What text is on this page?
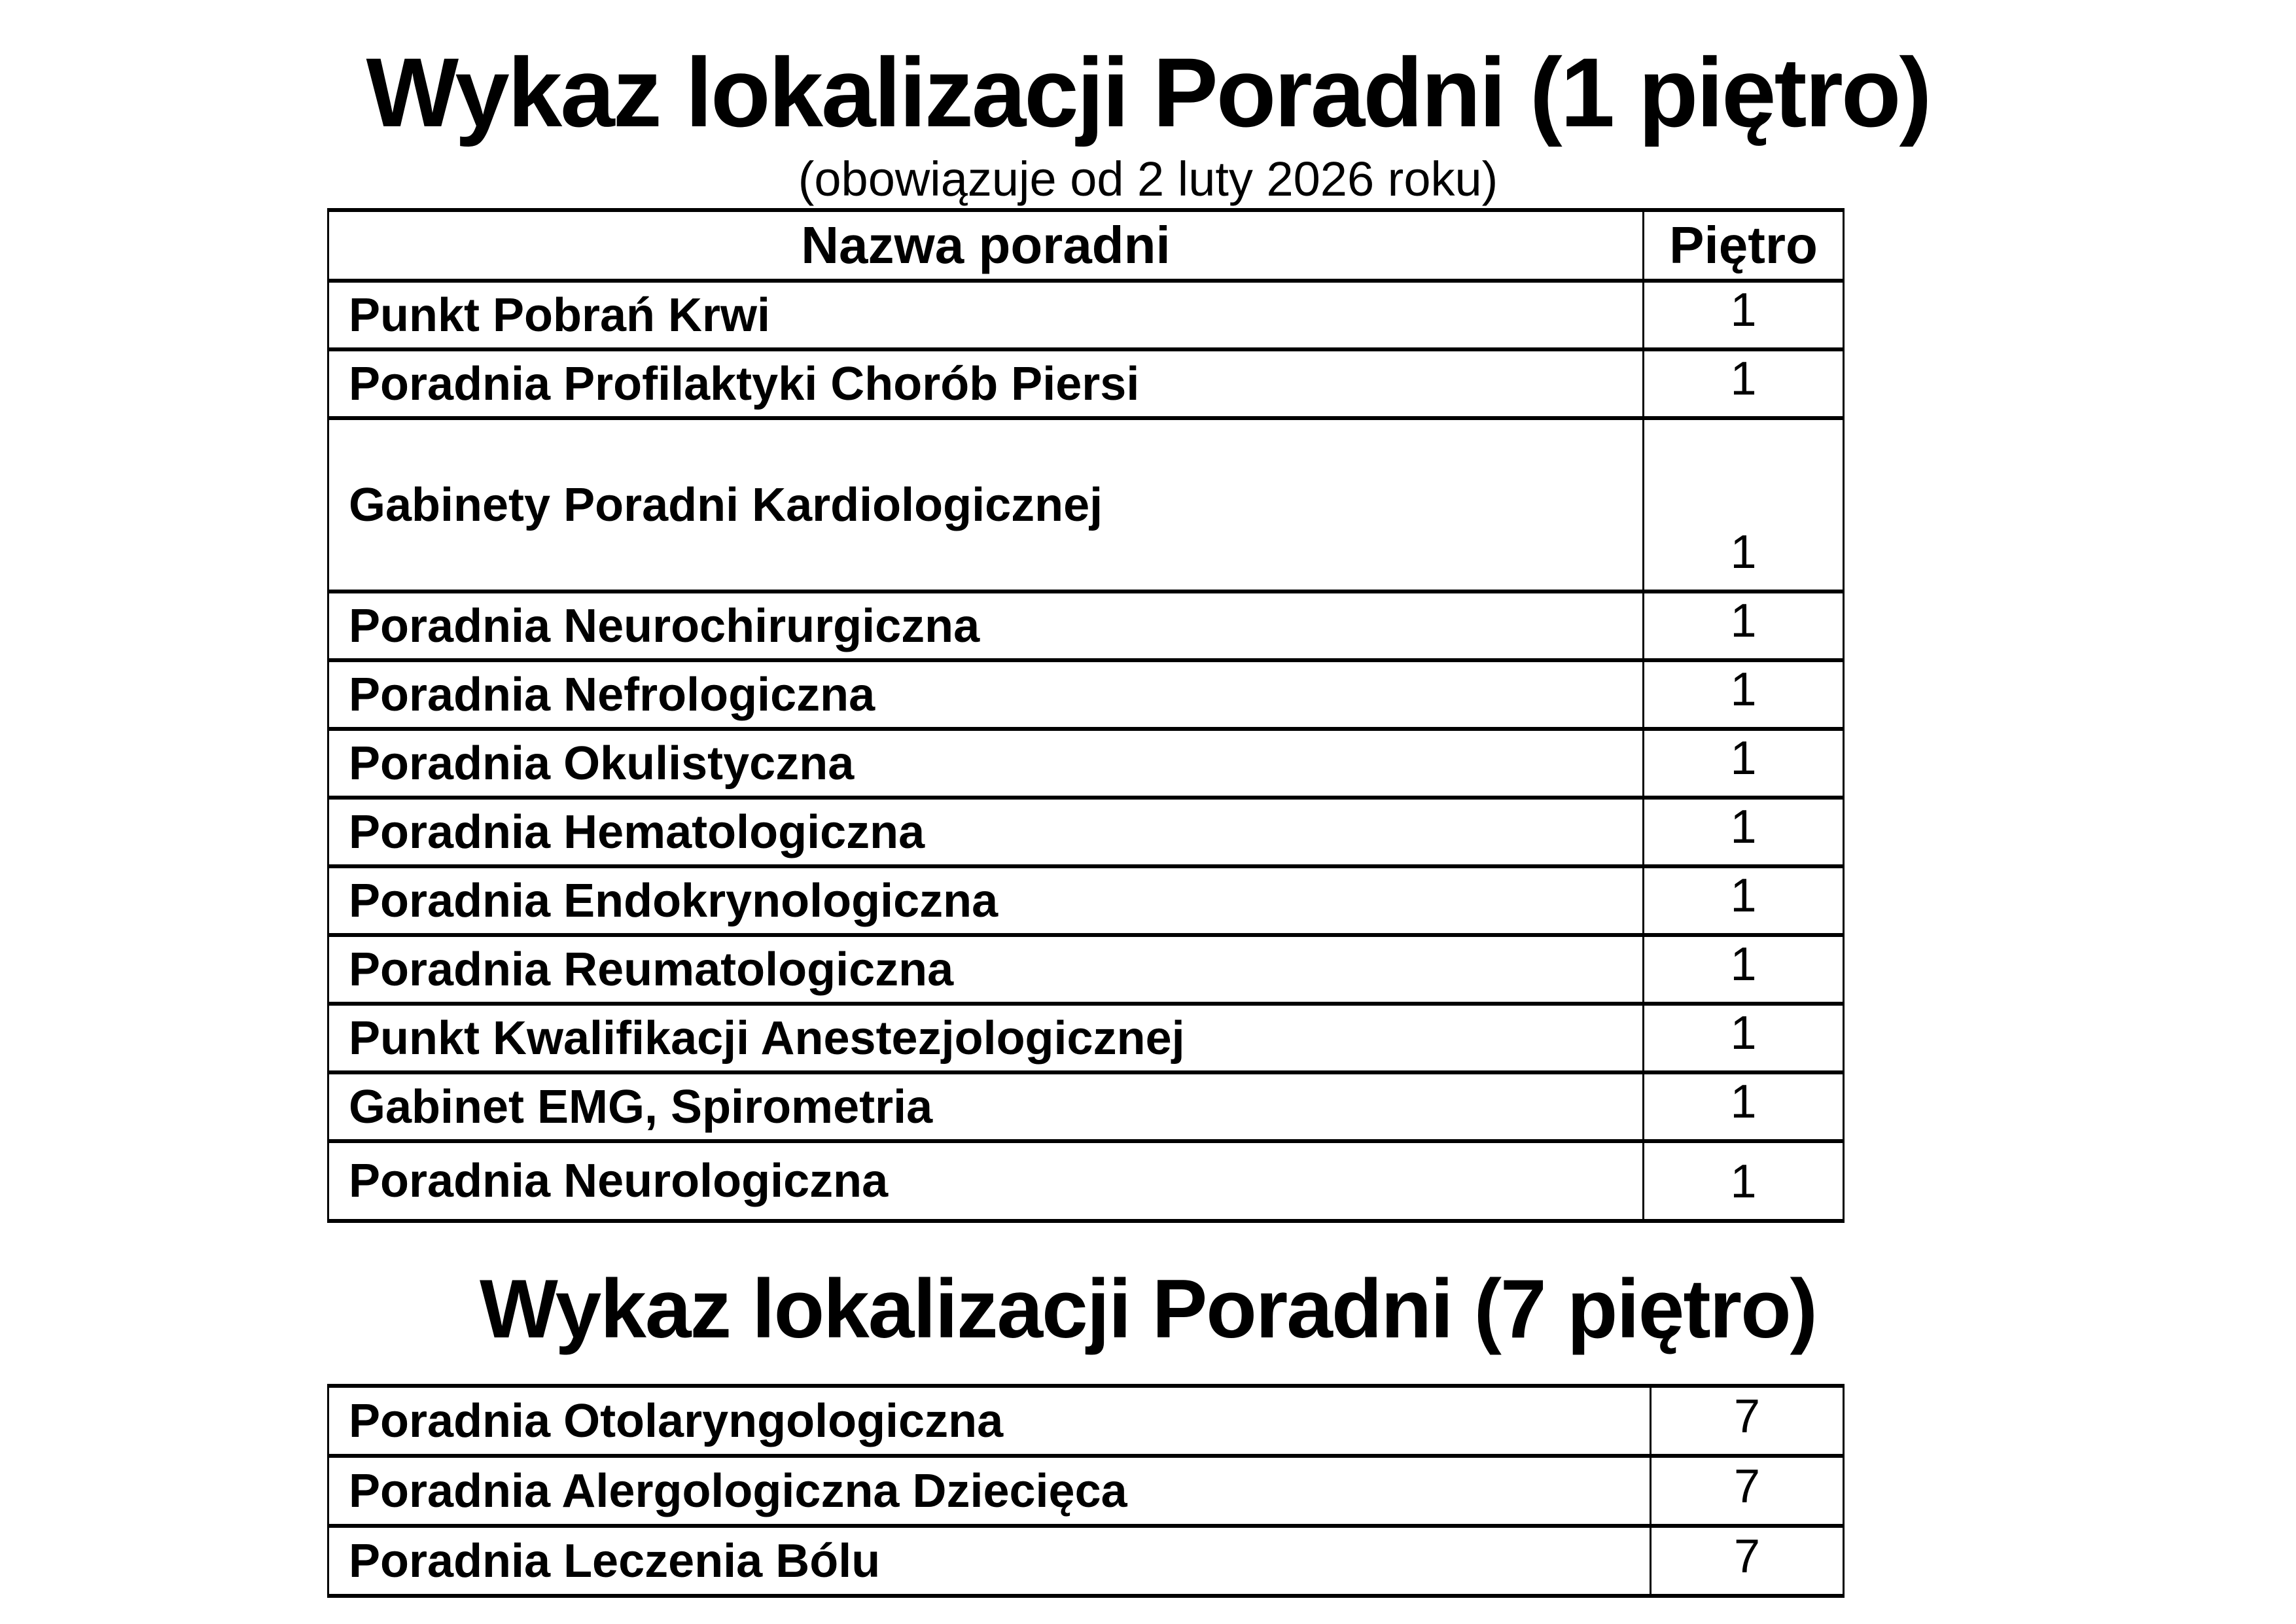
Wykaz lokalizacji Poradni (1 piętro)
(obowiązuje od 2 luty 2026 roku)
Nazwa poradni	Piętro
Punkt Pobrań Krwi	1
Poradnia Profilaktyki Chorób Piersi	1
Gabinety Poradni Kardiologicznej	1
Poradnia Neurochirurgiczna	1
Poradnia Nefrologiczna	1
Poradnia Okulistyczna	1
Poradnia Hematologiczna	1
Poradnia Endokrynologiczna	1
Poradnia Reumatologiczna	1
Punkt Kwalifikacji Anestezjologicznej	1
Gabinet EMG, Spirometria	1
Poradnia Neurologiczna	1
Wykaz lokalizacji Poradni (7 piętro)
Poradnia Otolaryngologiczna	7
Poradnia Alergologiczna Dziecięca	7
Poradnia Leczenia Bólu	7
